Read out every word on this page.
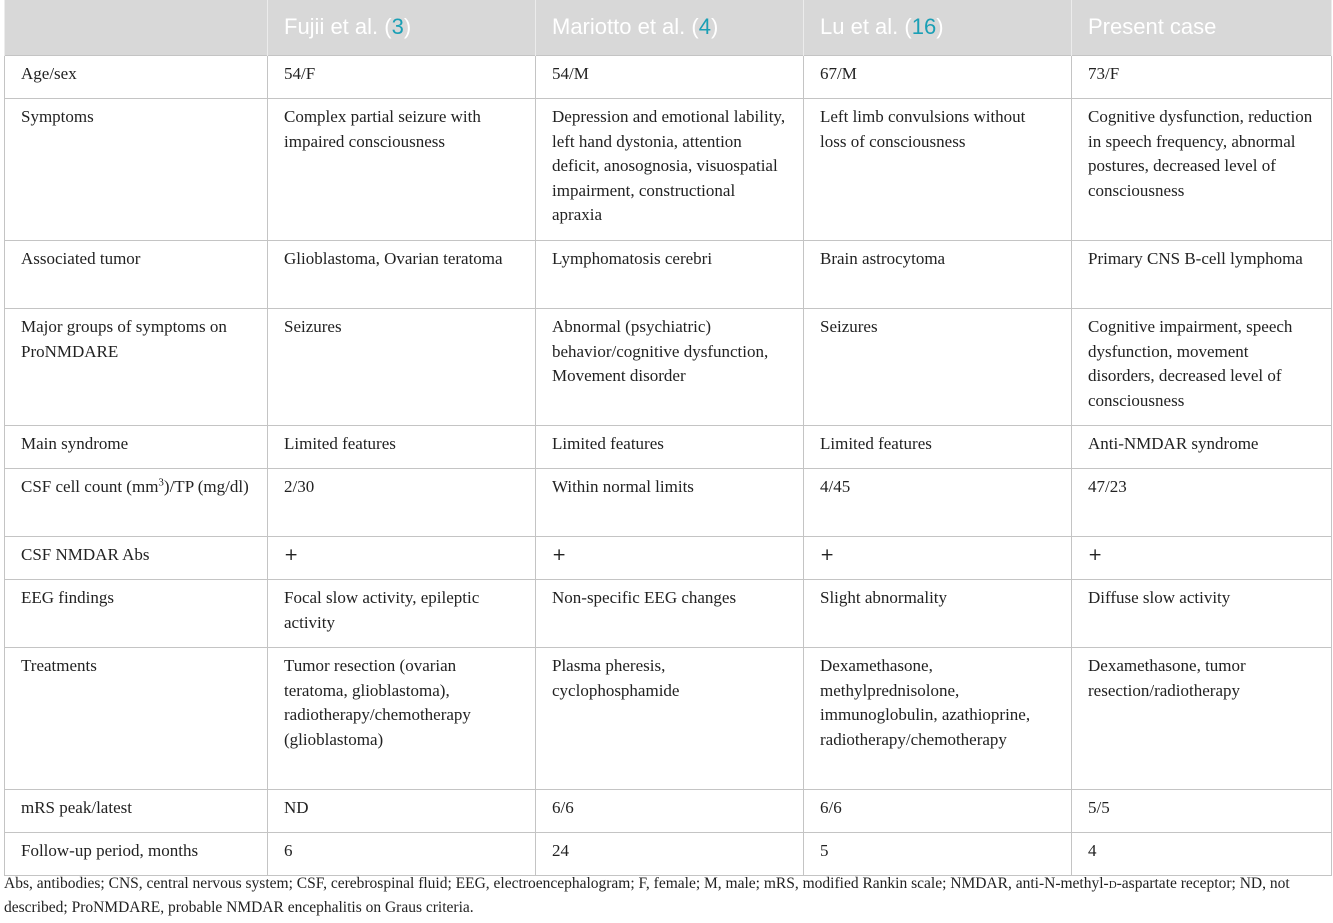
	Fujii et al. (3)	Mariotto et al. (4)	Lu et al. (16)	Present case
Age/sex	54/F	54/M	67/M	73/F
Symptoms	Complex partial seizure with impaired consciousness	Depression and emotional lability, left hand dystonia, attention deficit, anosognosia, visuospatial impairment, constructional apraxia	Left limb convulsions without loss of consciousness	Cognitive dysfunction, reduction in speech frequency, abnormal postures, decreased level of consciousness
Associated tumor	Glioblastoma, Ovarian teratoma	Lymphomatosis cerebri	Brain astrocytoma	Primary CNS B-cell lymphoma
Major groups of symptoms on ProNMDARE	Seizures	Abnormal (psychiatric) behavior/cognitive dysfunction, Movement disorder	Seizures	Cognitive impairment, speech dysfunction, movement disorders, decreased level of consciousness
Main syndrome	Limited features	Limited features	Limited features	Anti-NMDAR syndrome
CSF cell count $(mm^3)/TP$ (mg/dl)	2/30	Within normal limits	4/45	47/23
CSF NMDAR Abs	+	+	+	+
EEG findings	Focal slow activity, epileptic activity	Non-specific EEG changes	Slight abnormality	Diffuse slow activity
Treatments	Tumor resection (ovarian teratoma, glioblastoma), radiotherapy/chemotherapy (glioblastoma)	Plasma pheresis, cyclophosphamide	Dexamethasone, methylprednisolone, immunoglobulin, azathioprine, radiotherapy/chemotherapy	Dexamethasone, tumor resection/radiotherapy
mRS peak/latest	ND	6/6	6/6	5/5
Follow-up period, months	6	24	5	4
Abs, antibodies; CNS, central nervous system; CSF, cerebrospinal fluid; EEG, electroencephalogram; F, female; M, male; mRS, modified Rankin scale; NMDAR, anti-N-methyl-d-aspartate receptor; ND, not described; ProNMDARE, probable NMDAR encephalitis on Graus criteria.
